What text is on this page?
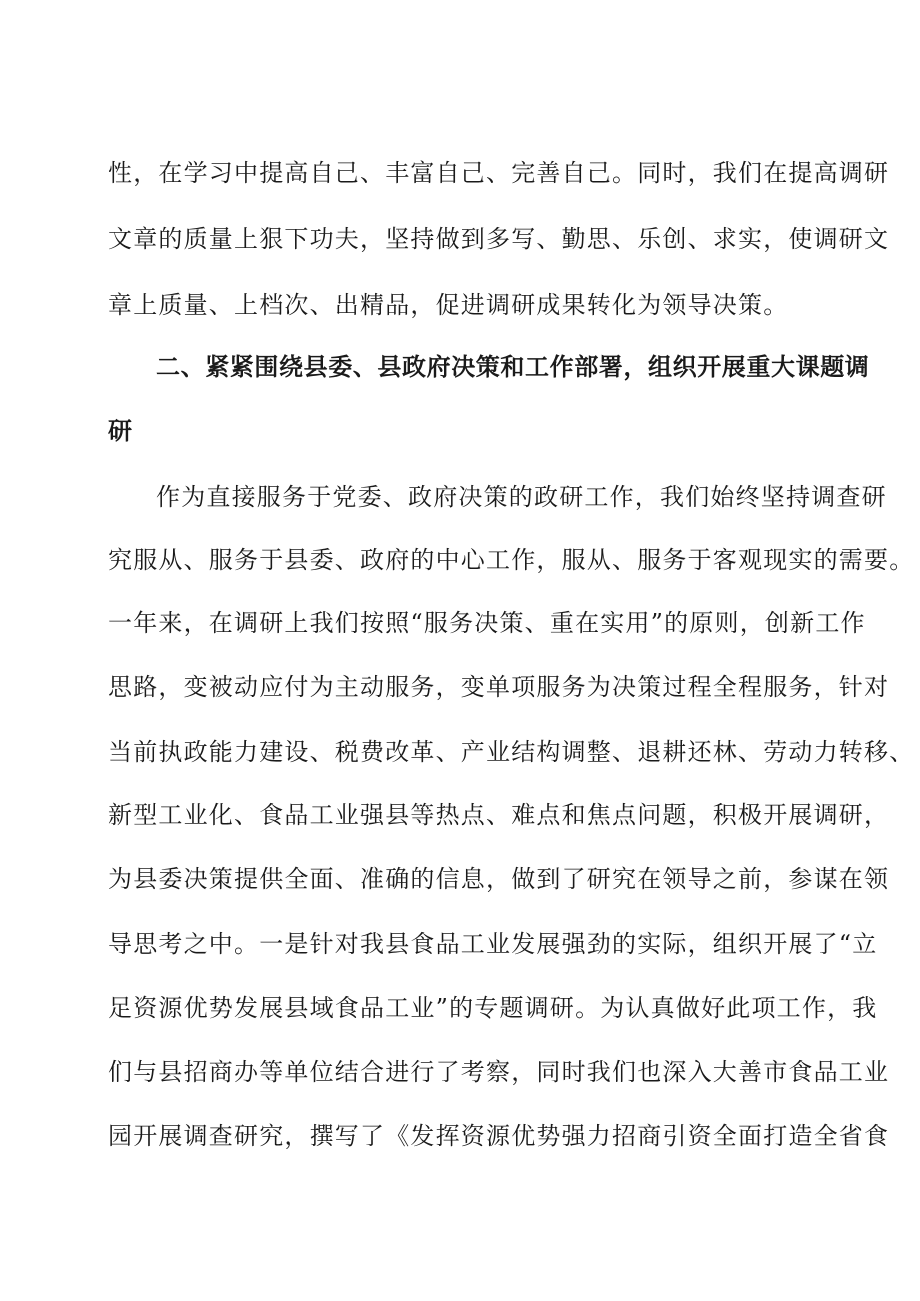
性，在学习中提高自己、丰富自己、完善自己。同时，我们在提高调研
文章的质量上狠下功夫，坚持做到多写、勤思、乐创、求实，使调研文
章上质量、上档次、出精品，促进调研成果转化为领导决策。
二、紧紧围绕县委、县政府决策和工作部署，组织开展重大课题调
研
作为直接服务于党委、政府决策的政研工作，我们始终坚持调查研
究服从、服务于县委、政府的中心工作，服从、服务于客观现实的需要。
一年来，在调研上我们按照“服务决策、重在实用”的原则，创新工作
思路，变被动应付为主动服务，变单项服务为决策过程全程服务，针对
当前执政能力建设、税费改革、产业结构调整、退耕还林、劳动力转移、
新型工业化、食品工业强县等热点、难点和焦点问题，积极开展调研，
为县委决策提供全面、准确的信息，做到了研究在领导之前，参谋在领
导思考之中。一是针对我县食品工业发展强劲的实际，组织开展了“立
足资源优势发展县域食品工业”的专题调研。为认真做好此项工作，我
们与县招商办等单位结合进行了考察，同时我们也深入大善市食品工业
园开展调查研究，撰写了《发挥资源优势强力招商引资全面打造全省食
